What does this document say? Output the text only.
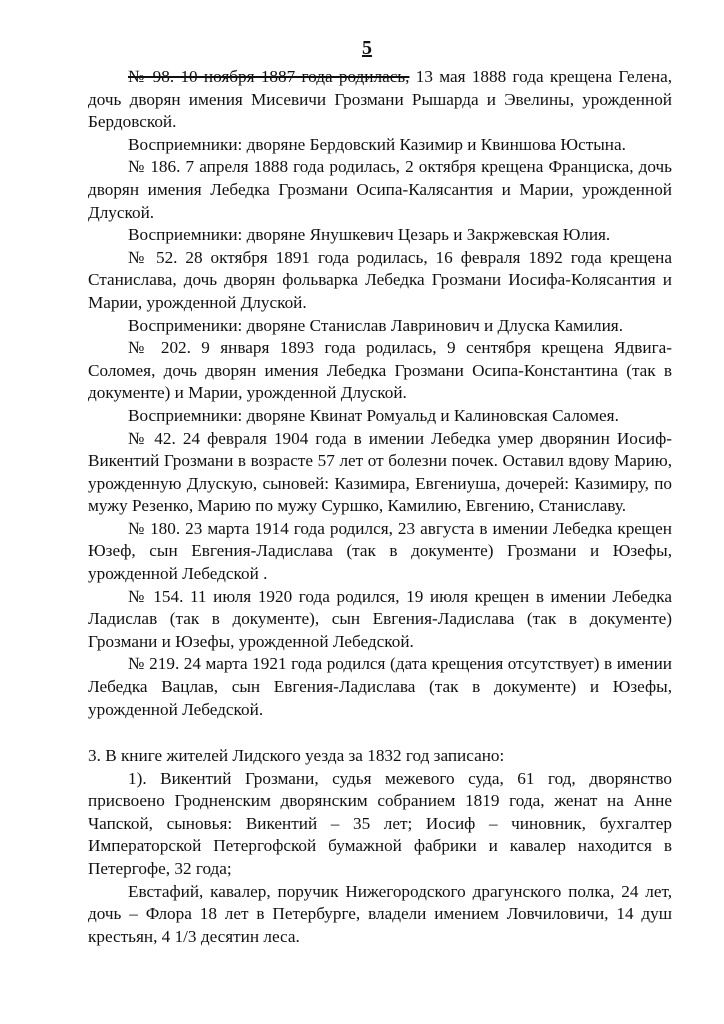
5

№ 98. 10 ноября 1887 года родилась, 13 мая 1888 года крещена Гелена, дочь дворян имения Мисевичи Грозмани Рышарда и Эвелины, урожденной Бердовской.

Восприемники: дворяне Бердовский Казимир и Квиншова Юстына.

№ 186. 7 апреля 1888 года родилась, 2 октября крещена Франциска, дочь дворян имения Лебедка Грозмани Осипа-Калясантия и Марии, урожденной Длуской.

Восприемники: дворяне Янушкевич Цезарь и Закржевская Юлия.

№ 52. 28 октября 1891 года родилась, 16 февраля 1892 года крещена Станислава, дочь дворян фольварка Лебедка Грозмани Иосифа-Колясантия и Марии, урожденной Длуской.

Восприменики: дворяне Станислав Лавринович и Длуска Камилия.

№ 202. 9 января 1893 года родилась, 9 сентября крещена Ядвига-Соломея, дочь дворян имения Лебедка Грозмани Осипа-Константина (так в документе) и Марии, урожденной Длуской.

Восприемники: дворяне Квинат Ромуальд и Калиновская Саломея.

№ 42. 24 февраля 1904 года в имении Лебедка умер дворянин Иосиф-Викентий Грозмани в возрасте 57 лет от болезни почек. Оставил вдову Марию, урожденную Длускую, сыновей: Казимира, Евгениуша, дочерей: Казимиру, по мужу Резенко, Марию по мужу Суршко, Камилию, Евгению, Станиславу.

№ 180. 23 марта 1914 года родился, 23 августа в имении Лебедка крещен Юзеф, сын Евгения-Ладислава (так в документе) Грозмани и Юзефы, урожденной Лебедской .

№ 154. 11 июля 1920 года родился, 19 июля крещен в имении Лебедка Ладислав (так в документе), сын Евгения-Ладислава (так в документе) Грозмани и Юзефы, урожденной Лебедской.

№ 219. 24 марта 1921 года родился (дата крещения отсутствует) в имении Лебедка Вацлав, сын Евгения-Ладислава (так в документе) и Юзефы, урожденной Лебедской.

3. В книге жителей Лидского уезда за 1832 год записано:

1). Викентий Грозмани, судья межевого суда, 61 год, дворянство присвоено Гродненским дворянским собранием 1819 года, женат на Анне Чапской, сыновья: Викентий – 35 лет; Иосиф – чиновник, бухгалтер Императорской Петергофской бумажной фабрики и кавалер находится в Петергофе, 32 года;

Евстафий, кавалер, поручик Нижегородского драгунского полка, 24 лет, дочь – Флора 18 лет в Петербурге, владели имением Ловчиловичи, 14 душ крестьян, 4 1/3 десятин леса.
